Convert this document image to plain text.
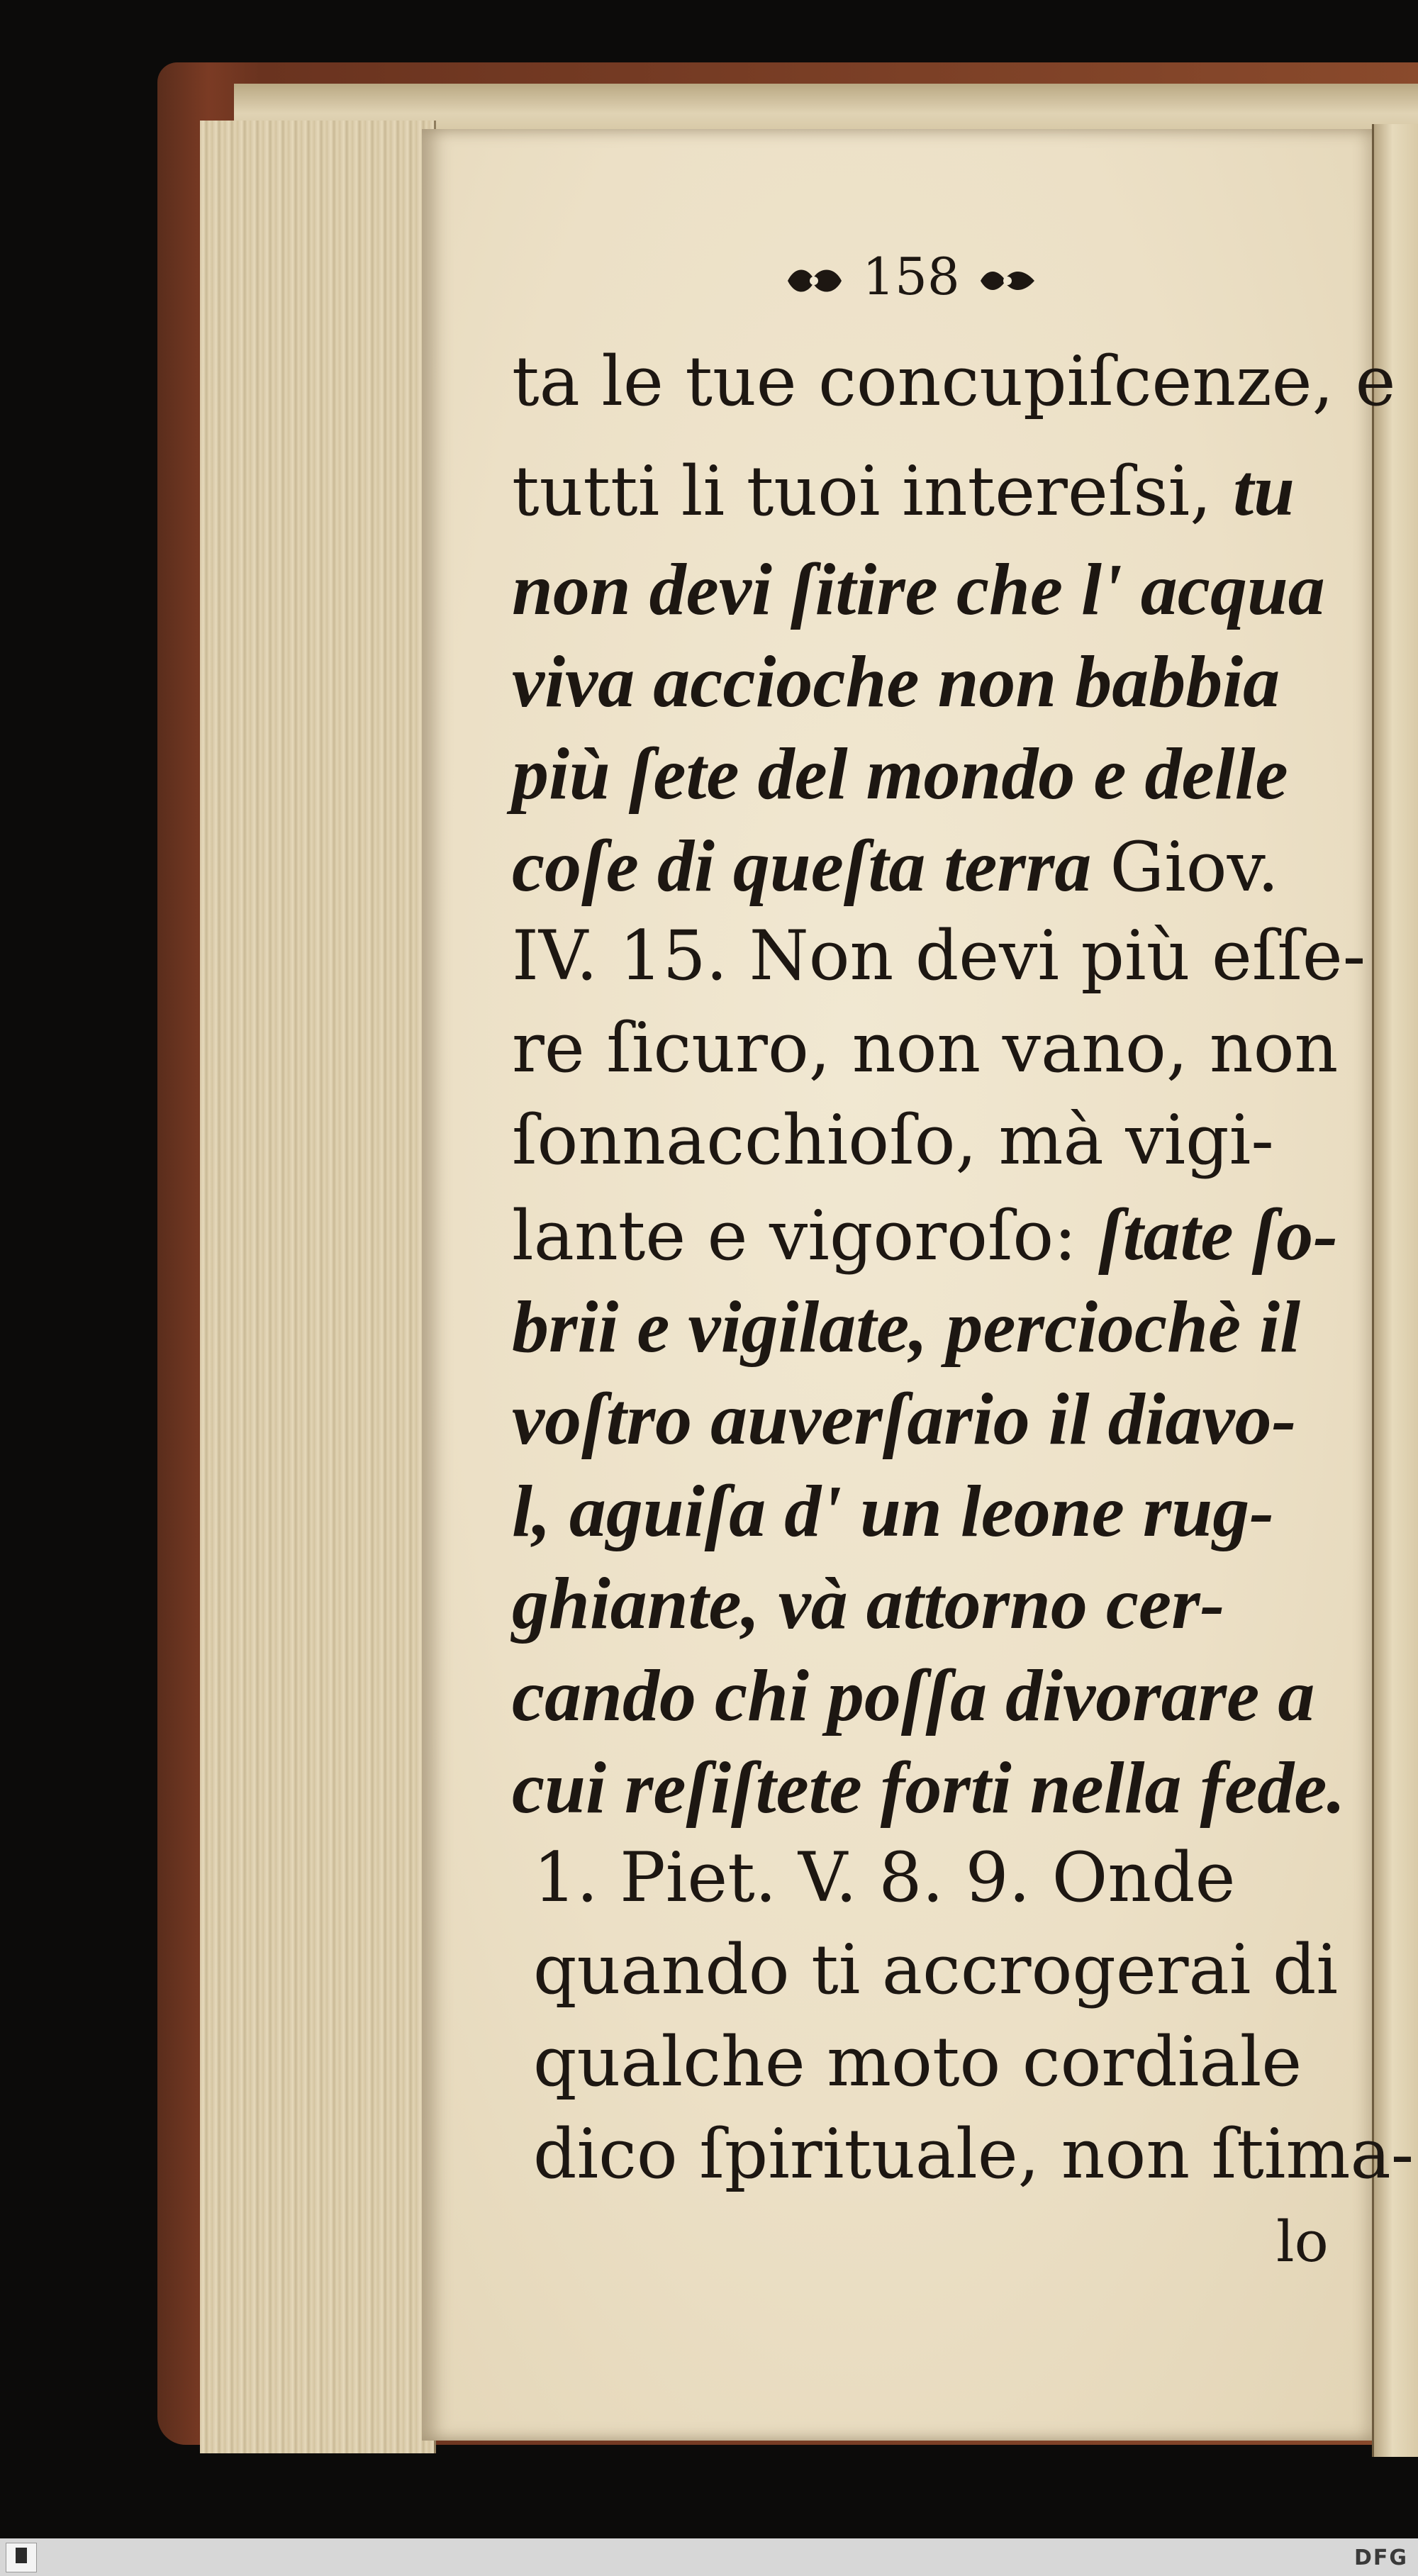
158
ta le tue concupiſcenze, e
tutti li tuoi intereſsi, tu
non devi ſitire che l' acqua
viva accioche non babbia
più ſete del mondo e delle
coſe di queſta terra Giov.
IV. 15. Non devi più eſſe-
re ſicuro, non vano, non
ſonnacchioſo, mà vigi-
lante e vigoroſo: ſtate ſo-
brii e vigilate, perciochè il
voſtro auverſario il diavo-
l, aguiſa d' un leone rug-
ghiante, và attorno cer-
cando chi poſſa divorare a
cui reſiſtete forti nella fede.
1. Piet. V. 8. 9. Onde
quando ti accrogerai di
qualche moto cordiale
dico ſpirituale, non ſtima-
lo
DFG
